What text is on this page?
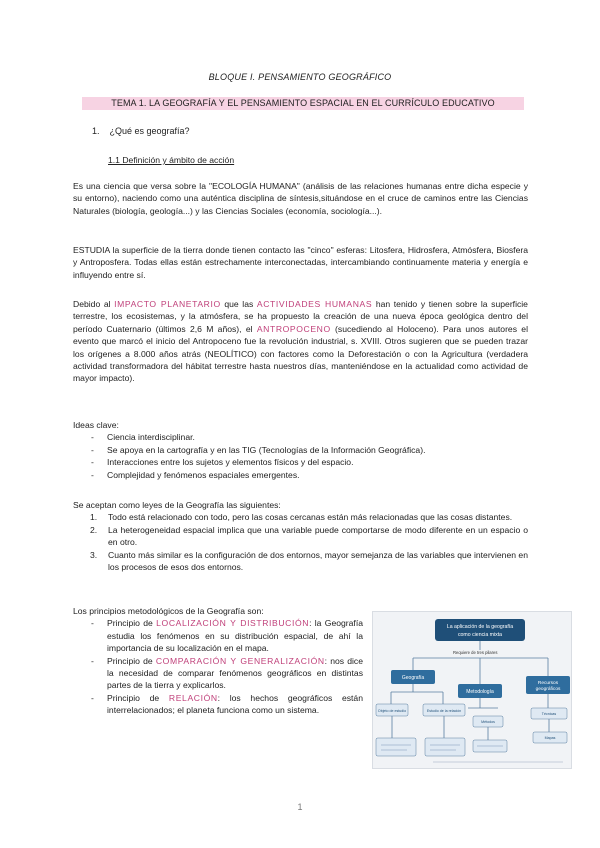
BLOQUE I. PENSAMIENTO GEOGRÁFICO
TEMA 1. LA GEOGRAFÍA Y EL PENSAMIENTO ESPACIAL EN EL CURRÍCULO EDUCATIVO
1. ¿Qué es geografía?
1.1 Definición y ámbito de acción
Es una ciencia que versa sobre la "ECOLOGÍA HUMANA" (análisis de las relaciones humanas entre dicha especie y su entorno), naciendo como una auténtica disciplina de síntesis,situándose en el cruce de caminos entre las Ciencias Naturales (biología, geología...) y las Ciencias Sociales (economía, sociología...).
ESTUDIA la superficie de la tierra donde tienen contacto las "cinco" esferas: Litosfera, Hidrosfera, Atmósfera, Biosfera y Antroposfera. Todas ellas están estrechamente interconectadas, intercambiando continuamente materia y energía e influyendo entre sí.
Debido al IMPACTO PLANETARIO que las ACTIVIDADES HUMANAS han tenido y tienen sobre la superficie terrestre, los ecosistemas, y la atmósfera, se ha propuesto la creación de una nueva época geológica dentro del período Cuaternario (últimos 2,6 M años), el ANTROPOCENO (sucediendo al Holoceno). Para unos autores el evento que marcó el inicio del Antropoceno fue la revolución industrial, s. XVIII. Otros sugieren que se pueden trazar los orígenes a 8.000 años atrás (NEOLÍTICO) con factores como la Deforestación o con la Agricultura (verdadera actividad transformadora del hábitat terrestre hasta nuestros días, manteniéndose en la actualidad como actividad de mayor impacto).
Ideas clave:
- Ciencia interdisciplinar.
- Se apoya en la cartografía y en las TIG (Tecnologías de la Información Geográfica).
- Interacciones entre los sujetos y elementos físicos y del espacio.
- Complejidad y fenómenos espaciales emergentes.
Se aceptan como leyes de la Geografía las siguientes:
1. Todo está relacionado con todo, pero las cosas cercanas están más relacionadas que las cosas distantes.
2. La heterogeneidad espacial implica que una variable puede comportarse de modo diferente en un espacio o en otro.
3. Cuanto más similar es la configuración de dos entornos, mayor semejanza de las variables que intervienen en los procesos de esos dos entornos.
Los principios metodológicos de la Geografía son:
- Principio de LOCALIZACIÓN Y DISTRIBUCIÓN: la Geografía estudia los fenómenos en su distribución espacial, de ahí la importancia de su localización en el mapa.
- Principio de COMPARACIÓN Y GENERALIZACIÓN: nos dice la necesidad de comparar fenómenos geográficos en distintas partes de la tierra y explicarlos.
- Principio de RELACIÓN: los hechos geográficos están interrelacionados; el planeta funciona como un sistema.
La aplicación de la geografía
como ciencia mixta
Requiere de tres pilares
Geografía
Metodología
Recursos
geográficos
Objeto de estudio	Estudio de la relación
Métodos
Técnicas
Mapas
1
